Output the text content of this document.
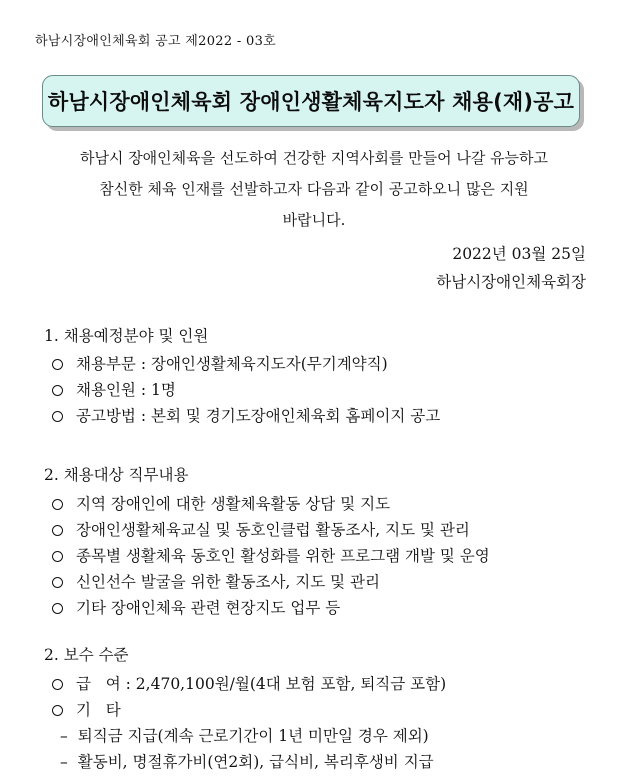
하남시장애인체육회 공고 제2022 - 03호
하남시장애인체육회 장애인생활체육지도자 채용(재)공고
하남시 장애인체육을 선도하여 건강한 지역사회를 만들어 나갈 유능하고
참신한 체육 인재를 선발하고자 다음과 같이 공고하오니 많은 지원
바랍니다.
2022년 03월 25일
하남시장애인체육회장
1. 채용예정분야 및 인원
채용부문 : 장애인생활체육지도자(무기계약직)
채용인원 : 1명
공고방법 : 본회 및 경기도장애인체육회 홈페이지 공고
2. 채용대상 직무내용
지역 장애인에 대한 생활체육활동 상담 및 지도
장애인생활체육교실 및 동호인클럽 활동조사, 지도 및 관리
종목별 생활체육 동호인 활성화를 위한 프로그램 개발 및 운영
신인선수 발굴을 위한 활동조사, 지도 및 관리
기타 장애인체육 관련 현장지도 업무 등
2. 보수 수준
급   여 : 2,470,100원/월(4대 보험 포함, 퇴직금 포함)
기   타
– 퇴직금 지급(계속 근로기간이 1년 미만일 경우 제외)
– 활동비, 명절휴가비(연2회), 급식비, 복리후생비 지급
